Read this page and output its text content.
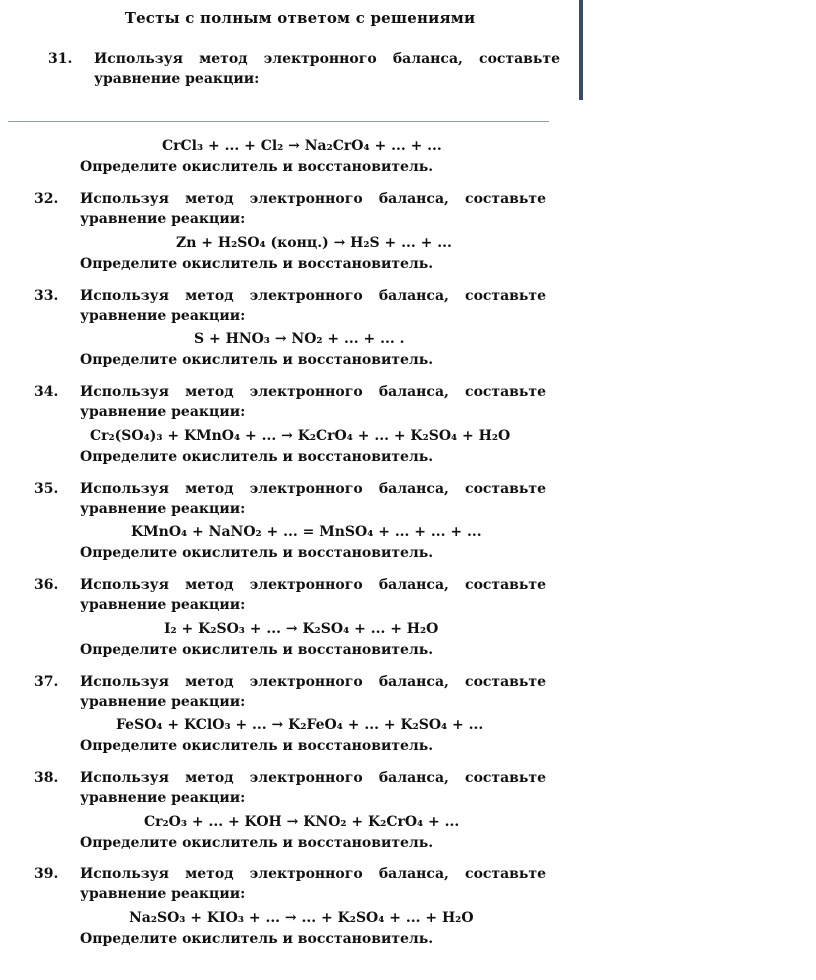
Тесты с полным ответом с решениями
31. Используя метод электронного баланса, составьте
уравнение реакции:
CrCl₃ + ... + Cl₂ → Na₂CrO₄ + ... + ...
Определите окислитель и восстановитель.
32. Используя метод электронного баланса, составьте
уравнение реакции:
Zn + H₂SO₄ (конц.) → H₂S + ... + ...
Определите окислитель и восстановитель.
33. Используя метод электронного баланса, составьте
уравнение реакции:
S + HNO₃ → NO₂ + ... + ... .
Определите окислитель и восстановитель.
34. Используя метод электронного баланса, составьте
уравнение реакции:
Cr₂(SO₄)₃ + KMnO₄ + ... → K₂CrO₄ + ... + K₂SO₄ + H₂O
Определите окислитель и восстановитель.
35. Используя метод электронного баланса, составьте
уравнение реакции:
KMnO₄ + NaNO₂ + ... = MnSO₄ + ... + ... + ...
Определите окислитель и восстановитель.
36. Используя метод электронного баланса, составьте
уравнение реакции:
I₂ + K₂SO₃ + ... → K₂SO₄ + ... + H₂O
Определите окислитель и восстановитель.
37. Используя метод электронного баланса, составьте
уравнение реакции:
FeSO₄ + KClO₃ + ... → K₂FeO₄ + ... + K₂SO₄ + ...
Определите окислитель и восстановитель.
38. Используя метод электронного баланса, составьте
уравнение реакции:
Cr₂O₃ + ... + KOH → KNO₂ + K₂CrO₄ + ...
Определите окислитель и восстановитель.
39. Используя метод электронного баланса, составьте
уравнение реакции:
Na₂SO₃ + KIO₃ + ... → ... + K₂SO₄ + ... + H₂O
Определите окислитель и восстановитель.
